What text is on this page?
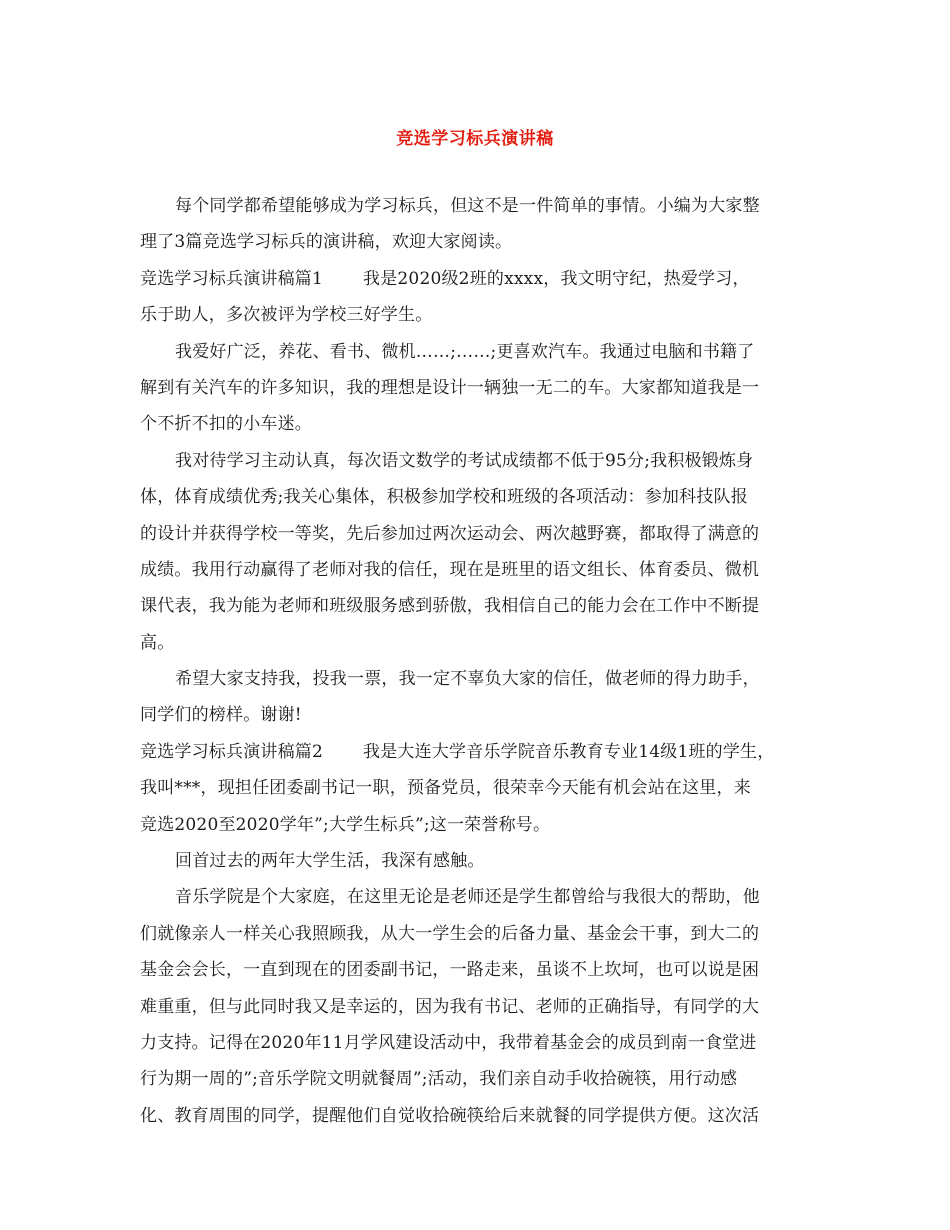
竞选学习标兵演讲稿
每个同学都希望能够成为学习标兵，但这不是一件简单的事情。小编为大家整
理了3篇竞选学习标兵的演讲稿，欢迎大家阅读。
竞选学习标兵演讲稿篇1 我是2020级2班的xxxx，我文明守纪，热爱学习，
乐于助人，多次被评为学校三好学生。
我爱好广泛，养花、看书、微机……;……;更喜欢汽车。我通过电脑和书籍了
解到有关汽车的许多知识，我的理想是设计一辆独一无二的车。大家都知道我是一
个不折不扣的小车迷。
我对待学习主动认真，每次语文数学的考试成绩都不低于95分;我积极锻炼身
体，体育成绩优秀;我关心集体，积极参加学校和班级的各项活动：参加科技队报
的设计并获得学校一等奖，先后参加过两次运动会、两次越野赛，都取得了满意的
成绩。我用行动赢得了老师对我的信任，现在是班里的语文组长、体育委员、微机
课代表，我为能为老师和班级服务感到骄傲，我相信自己的能力会在工作中不断提
高。
希望大家支持我，投我一票，我一定不辜负大家的信任，做老师的得力助手，
同学们的榜样。谢谢!
竞选学习标兵演讲稿篇2 我是大连大学音乐学院音乐教育专业14级1班的学生，
我叫***，现担任团委副书记一职，预备党员，很荣幸今天能有机会站在这里，来
竞选2020至2020学年”;大学生标兵”;这一荣誉称号。
回首过去的两年大学生活，我深有感触。
音乐学院是个大家庭，在这里无论是老师还是学生都曾给与我很大的帮助，他
们就像亲人一样关心我照顾我，从大一学生会的后备力量、基金会干事，到大二的
基金会会长，一直到现在的团委副书记，一路走来，虽谈不上坎坷，也可以说是困
难重重，但与此同时我又是幸运的，因为我有书记、老师的正确指导，有同学的大
力支持。记得在2020年11月学风建设活动中，我带着基金会的成员到南一食堂进
行为期一周的”;音乐学院文明就餐周”;活动，我们亲自动手收拾碗筷，用行动感
化、教育周围的同学，提醒他们自觉收拾碗筷给后来就餐的同学提供方便。这次活
